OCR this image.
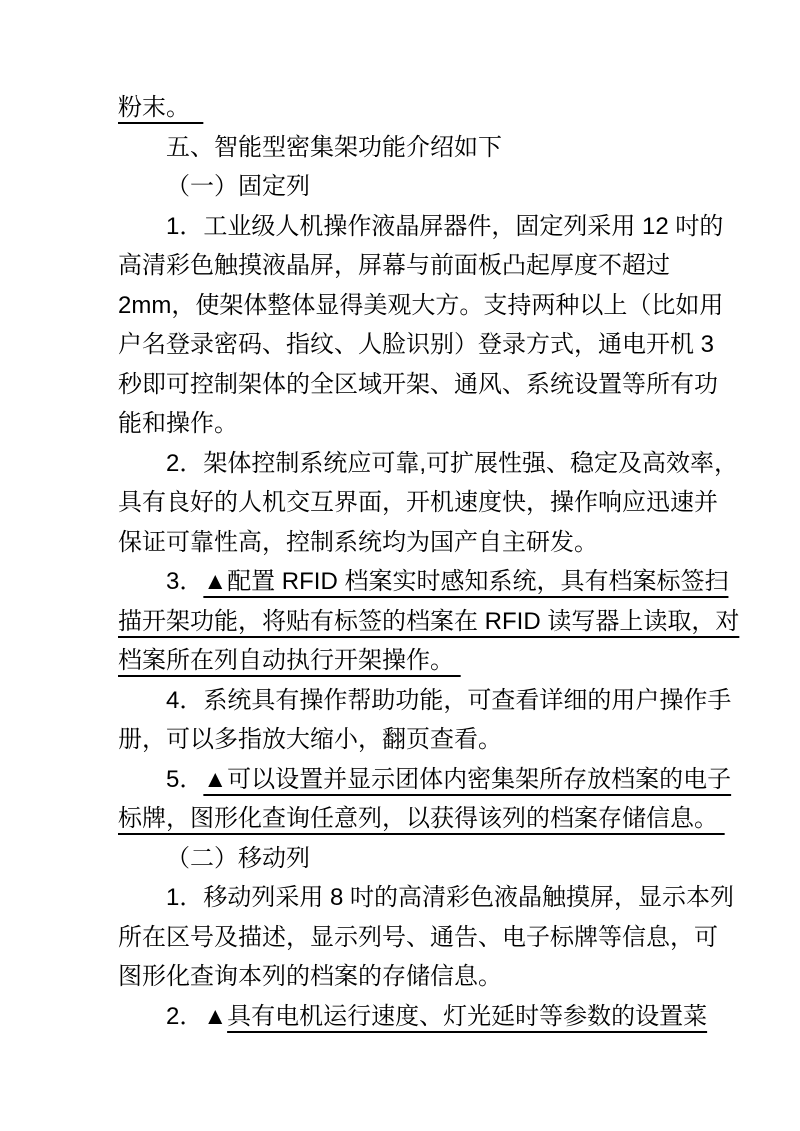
粉末。
五、智能型密集架功能介绍如下
（一）固定列
1．工业级人机操作液晶屏器件，固定列采用 12 吋的
高清彩色触摸液晶屏，屏幕与前面板凸起厚度不超过
2mm，使架体整体显得美观大方。支持两种以上（比如用
户名登录密码、指纹、人脸识别）登录方式，通电开机 3
秒即可控制架体的全区域开架、通风、系统设置等所有功
能和操作。
2．架体控制系统应可靠,可扩展性强、稳定及高效率，
具有良好的人机交互界面，开机速度快，操作响应迅速并
保证可靠性高，控制系统均为国产自主研发。
3．▲配置 RFID 档案实时感知系统，具有档案标签扫
描开架功能，将贴有标签的档案在 RFID 读写器上读取，对
档案所在列自动执行开架操作。
4．系统具有操作帮助功能，可查看详细的用户操作手
册，可以多指放大缩小，翻页查看。
5．▲可以设置并显示团体内密集架所存放档案的电子
标牌，图形化查询任意列，以获得该列的档案存储信息。
（二）移动列
1．移动列采用 8 吋的高清彩色液晶触摸屏，显示本列
所在区号及描述，显示列号、通告、电子标牌等信息，可
图形化查询本列的档案的存储信息。
2．▲具有电机运行速度、灯光延时等参数的设置菜
